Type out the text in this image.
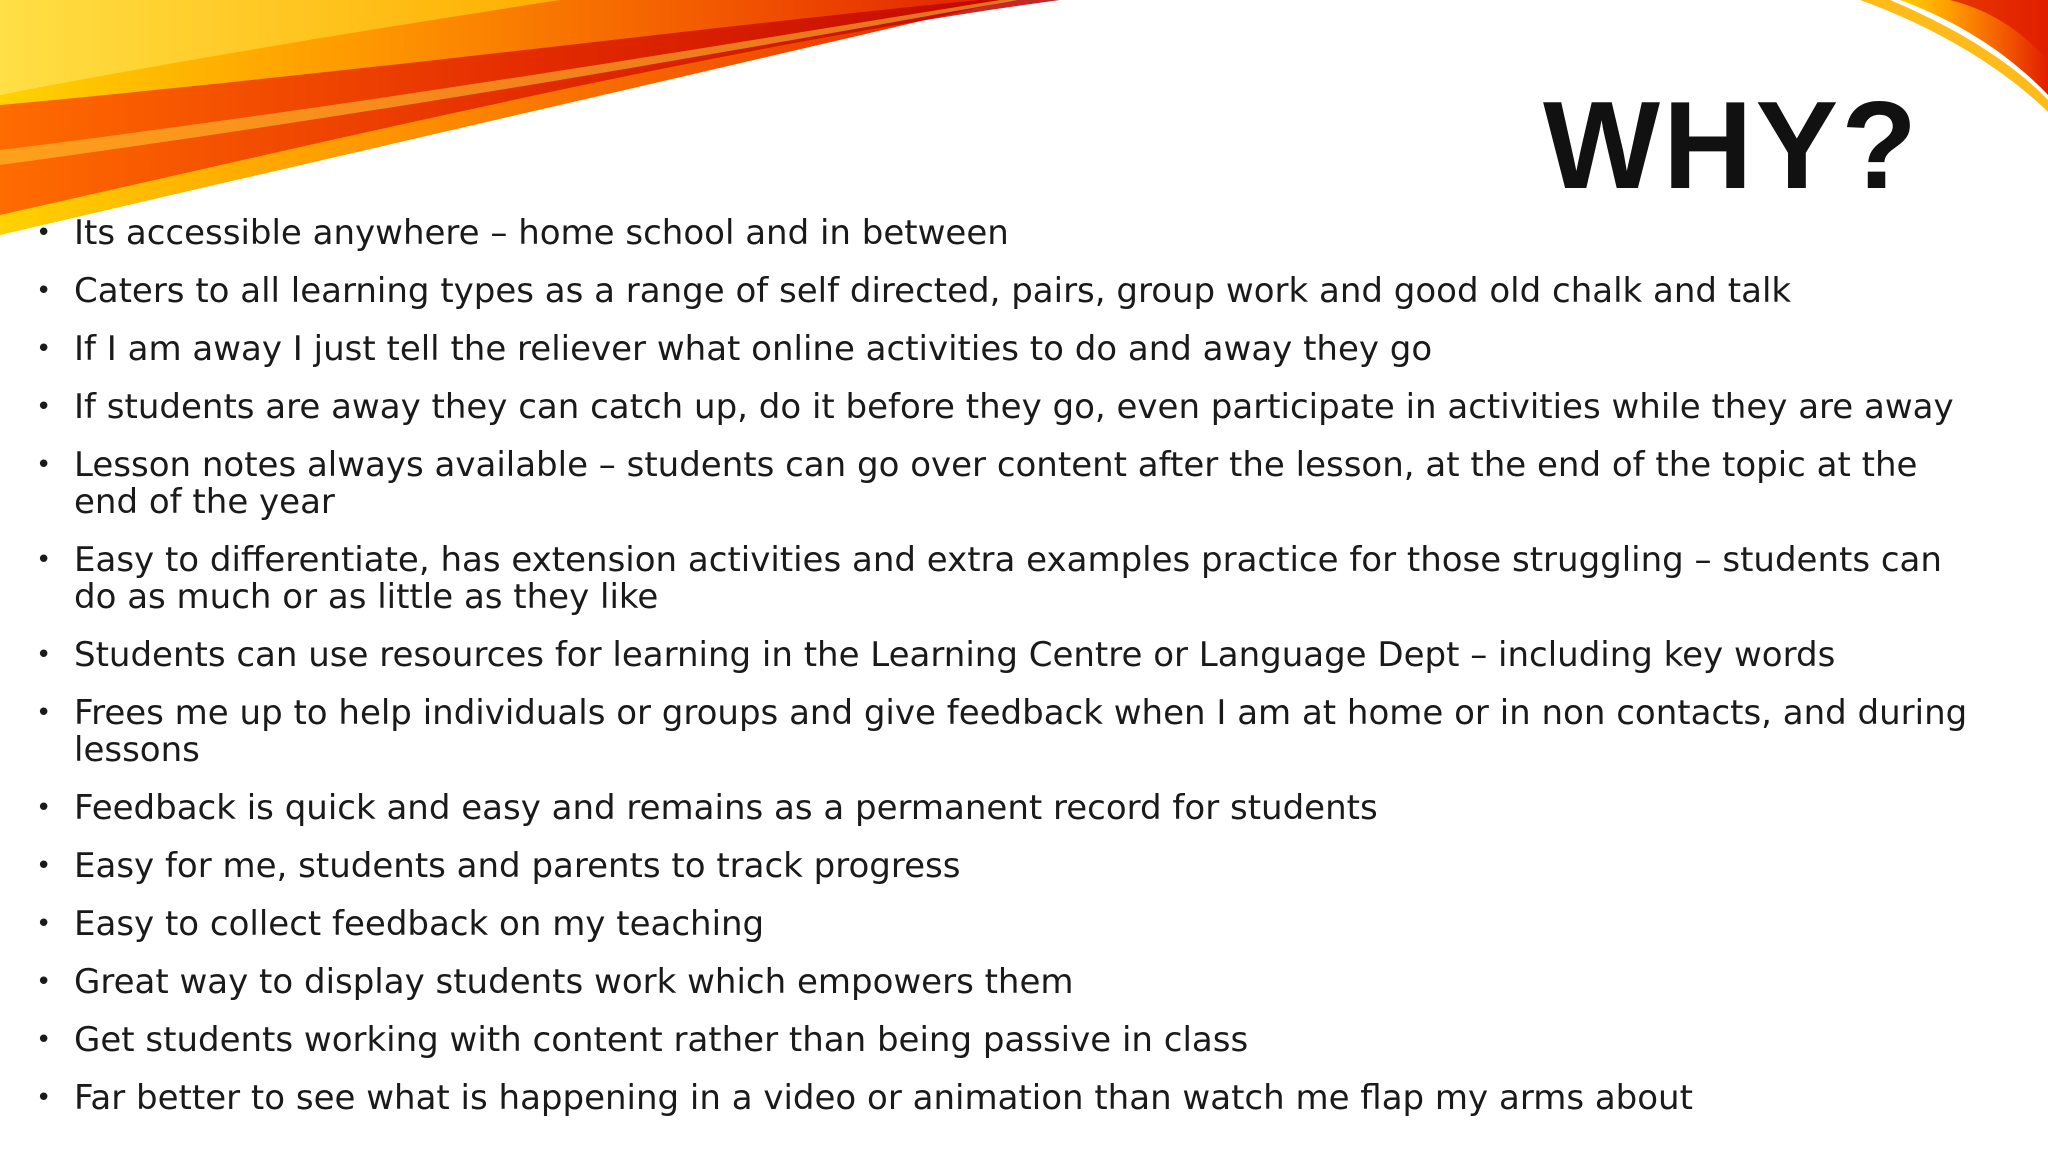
WHY?
• Its accessible anywhere – home school and in between
• Caters to all learning types as a range of self directed, pairs, group work and good old chalk and talk
• If I am away I just tell the reliever what online activities to do and away they go
• If students are away they can catch up, do it before they go, even participate in activities while they are away
• Lesson notes always available – students can go over content after the lesson, at the end of the topic at the end of the year
• Easy to differentiate, has extension activities and extra examples practice for those struggling – students can do as much or as little as they like
• Students can use resources for learning in the Learning Centre or Language Dept – including key words
• Frees me up to help individuals or groups and give feedback when I am at home or in non contacts, and during lessons
• Feedback is quick and easy and remains as a permanent record for students
• Easy for me, students and parents to track progress
• Easy to collect feedback on my teaching
• Great way to display students work which empowers them
• Get students working with content rather than being passive in class
• Far better to see what is happening in a video or animation than watch me flap my arms about
